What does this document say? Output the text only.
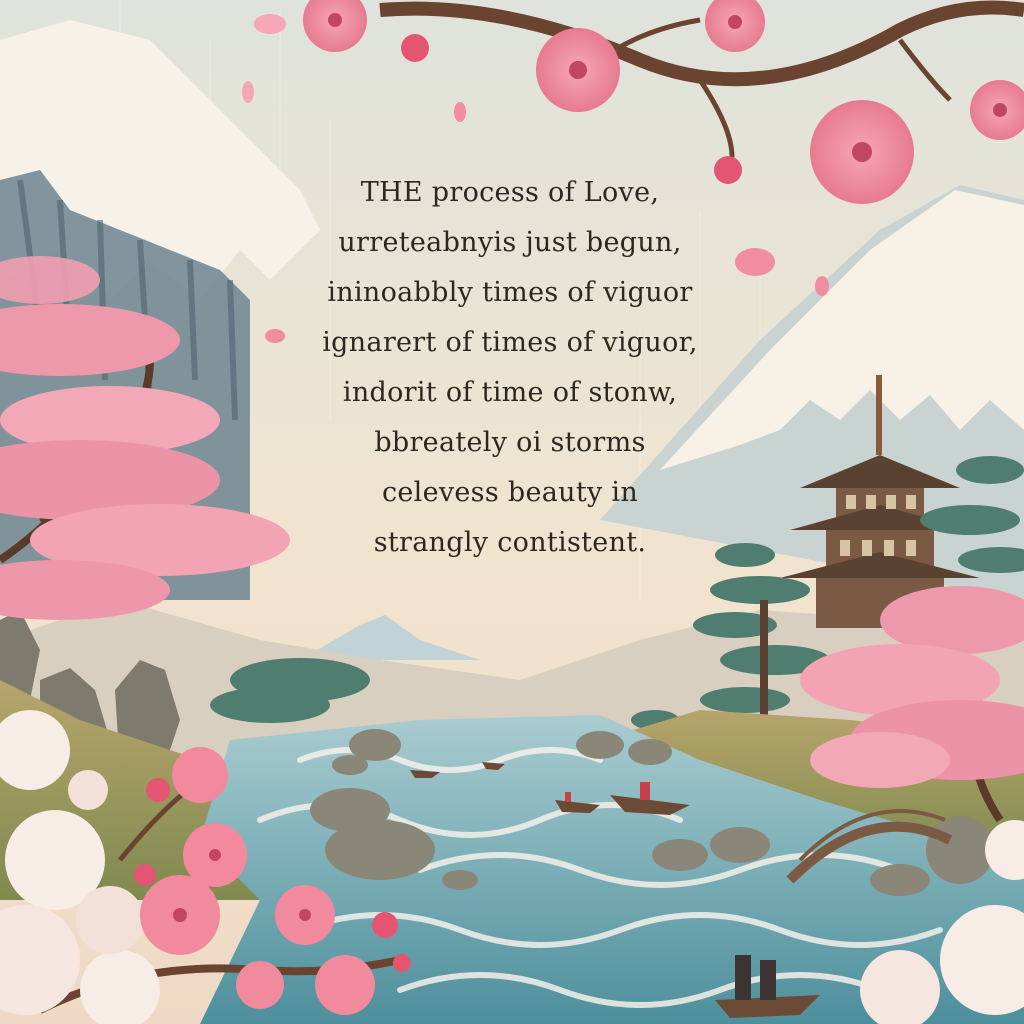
THE process of Love,
urreteabnyis just begun,
ininoabbly times of viguor
ignarert of times of viguor,
indorit of time of stonw,
bbreately oi storms
celevess beauty in
strangly contistent.
